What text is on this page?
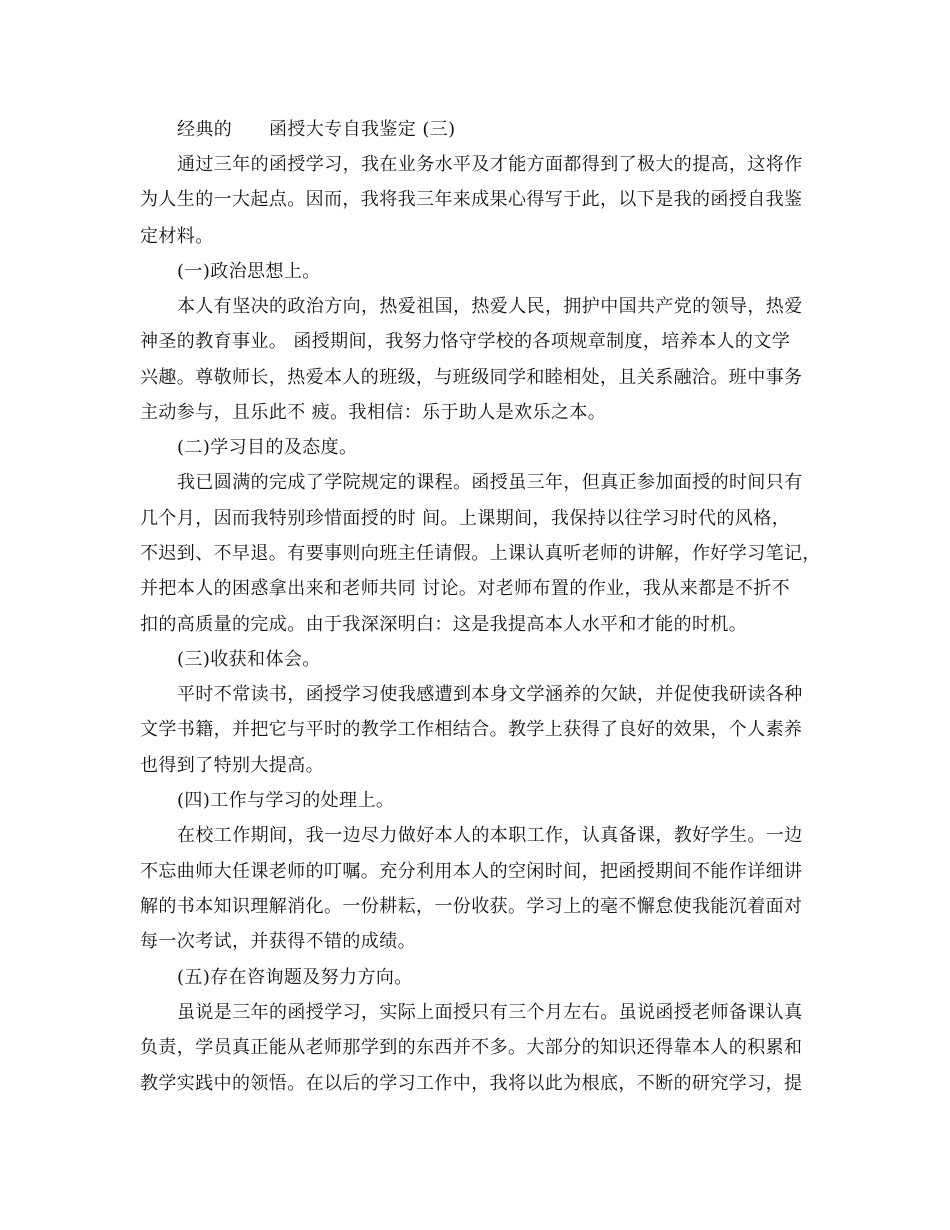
经典的　　函授大专自我鉴定 (三)
通过三年的函授学习，我在业务水平及才能方面都得到了极大的提高，这将作
为人生的一大起点。因而，我将我三年来成果心得写于此，以下是我的函授自我鉴
定材料。
(一)政治思想上。
本人有坚决的政治方向，热爱祖国，热爱人民，拥护中国共产党的领导，热爱
神圣的教育事业。 函授期间，我努力恪守学校的各项规章制度，培养本人的文学
兴趣。尊敬师长，热爱本人的班级，与班级同学和睦相处，且关系融洽。班中事务
主动参与，且乐此不 疲。我相信：乐于助人是欢乐之本。
(二)学习目的及态度。
我已圆满的完成了学院规定的课程。函授虽三年，但真正参加面授的时间只有
几个月，因而我特别珍惜面授的时 间。上课期间，我保持以往学习时代的风格，
不迟到、不早退。有要事则向班主任请假。上课认真听老师的讲解，作好学习笔记，
并把本人的困惑拿出来和老师共同 讨论。对老师布置的作业，我从来都是不折不
扣的高质量的完成。由于我深深明白：这是我提高本人水平和才能的时机。
(三)收获和体会。
平时不常读书，函授学习使我感遭到本身文学涵养的欠缺，并促使我研读各种
文学书籍，并把它与平时的教学工作相结合。教学上获得了良好的效果，个人素养
也得到了特别大提高。
(四)工作与学习的处理上。
在校工作期间，我一边尽力做好本人的本职工作，认真备课，教好学生。一边
不忘曲师大任课老师的叮嘱。充分利用本人的空闲时间，把函授期间不能作详细讲
解的书本知识理解消化。一份耕耘，一份收获。学习上的毫不懈怠使我能沉着面对
每一次考试，并获得不错的成绩。
(五)存在咨询题及努力方向。
虽说是三年的函授学习，实际上面授只有三个月左右。虽说函授老师备课认真
负责，学员真正能从老师那学到的东西并不多。大部分的知识还得靠本人的积累和
教学实践中的领悟。在以后的学习工作中，我将以此为根底，不断的研究学习，提
